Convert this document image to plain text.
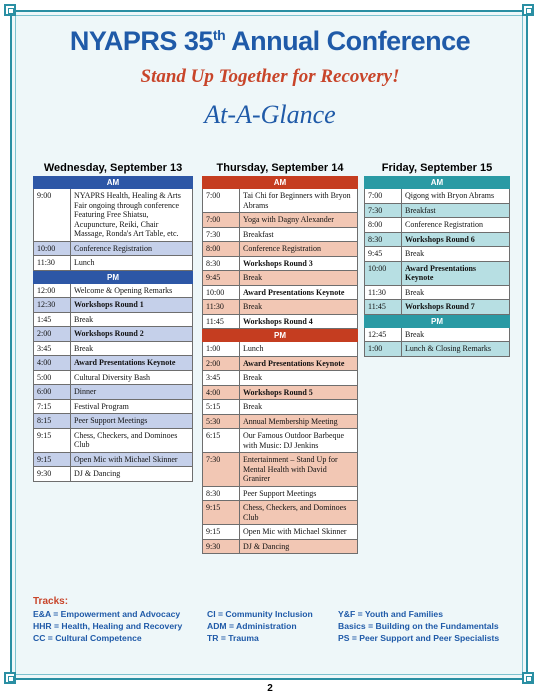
NYAPRS 35th Annual Conference
Stand Up Together for Recovery!
At-A-Glance
Wednesday, September 13
AM
9:00	NYAPRS Health, Healing & Arts Fair ongoing through conference Featuring Free Shiatsu, Acupuncture, Reiki, Chair Massage, Ronda's Art Table, etc.
10:00	Conference Registration
11:30	Lunch
PM
12:00	Welcome & Opening Remarks
12:30	Workshops Round 1
1:45	Break
2:00	Workshops Round 2
3:45	Break
4:00	Award Presentations Keynote
5:00	Cultural Diversity Bash
6:00	Dinner
7:15	Festival Program
8:15	Peer Support Meetings
9:15	Chess, Checkers, and Dominoes Club
9:15	Open Mic with Michael Skinner
9:30	DJ & Dancing
Thursday, September 14
AM
7:00	Tai Chi for Beginners with Bryon Abrams
7:00	Yoga with Dagny Alexander
7:30	Breakfast
8:00	Conference Registration
8:30	Workshops Round 3
9:45	Break
10:00	Award Presentations Keynote
11:30	Break
11:45	Workshops Round 4
PM
1:00	Lunch
2:00	Award Presentations Keynote
3:45	Break
4:00	Workshops Round 5
5:15	Break
5:30	Annual Membership Meeting
6:15	Our Famous Outdoor Barbeque with Music: DJ Jenkins
7:30	Entertainment – Stand Up for Mental Health with David Granirer
8:30	Peer Support Meetings
9:15	Chess, Checkers, and Dominoes Club
9:15	Open Mic with Michael Skinner
9:30	DJ & Dancing
Friday, September 15
AM
7:00	Qigong with Bryon Abrams
7:30	Breakfast
8:00	Conference Registration
8:30	Workshops Round 6
9:45	Break
10:00	Award Presentations Keynote
11:30	Break
11:45	Workshops Round 7
PM
12:45	Break
1:00	Lunch & Closing Remarks
Tracks:
E&A = Empowerment and Advocacy	CI = Community Inclusion	Y&F = Youth and Families
HHR = Health, Healing and Recovery	ADM = Administration	Basics = Building on the Fundamentals
CC = Cultural Competence	TR = Trauma	PS = Peer Support and Peer Specialists
2
